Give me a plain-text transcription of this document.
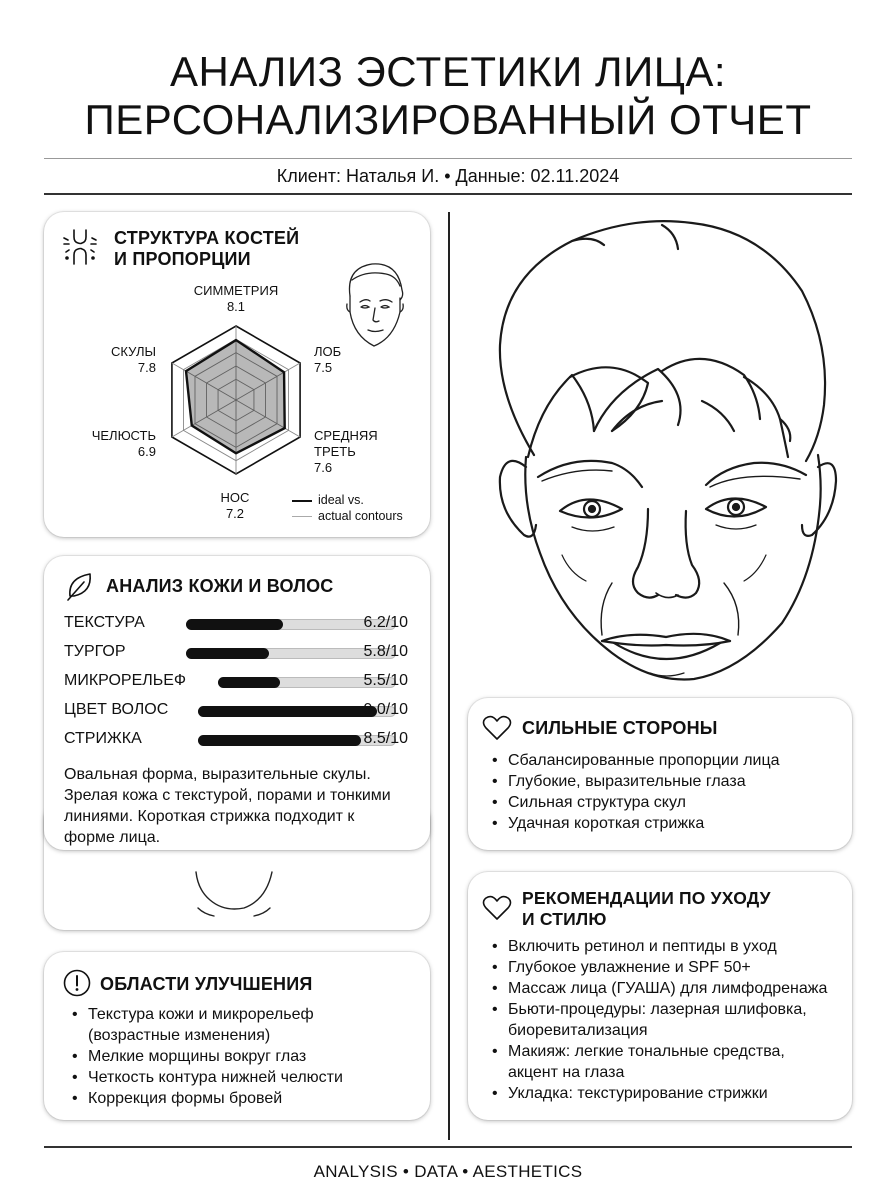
АНАЛИЗ ЭСТЕТИКИ ЛИЦА:
ПЕРСОНАЛИЗИРОВАННЫЙ ОТЧЕТ
Клиент: Наталья И. • Данные: 02.11.2024
СТРУКТУРА КОСТЕЙ
И ПРОПОРЦИИ
СИММЕТРИЯ
8.1
ЛОБ
7.5
СРЕДНЯЯ
ТРЕТЬ
7.6
НОС
7.2
ЧЕЛЮСТЬ
6.9
СКУЛЫ
7.8
ideal vs.
actual contours
АНАЛИЗ КОЖИ И ВОЛОС
ТЕКСТУРА	6.2/10
ТУРГОР	5.8/10
МИКРОРЕЛЬЕФ	5.5/10
ЦВЕТ ВОЛОС	9.0/10
СТРИЖКА	8.5/10
Овальная форма, выразительные скулы.
Зрелая кожа с текстурой, порами и тонкими
линиями. Короткая стрижка подходит к
форме лица.
ОБЛАСТИ УЛУЧШЕНИЯ
• Текстура кожи и микрорельеф
(возрастные изменения)
• Мелкие морщины вокруг глаз
• Четкость контура нижней челюсти
• Коррекция формы бровей
СИЛЬНЫЕ СТОРОНЫ
• Сбалансированные пропорции лица
• Глубокие, выразительные глаза
• Сильная структура скул
• Удачная короткая стрижка
РЕКОМЕНДАЦИИ ПО УХОДУ
И СТИЛЮ
• Включить ретинол и пептиды в уход
• Глубокое увлажнение и SPF 50+
• Массаж лица (ГУАША) для лимфодренажа
• Бьюти-процедуры: лазерная шлифовка,
биоревитализация
• Макияж: легкие тональные средства,
акцент на глаза
• Укладка: текстурирование стрижки
ANALYSIS • DATA • AESTHETICS
